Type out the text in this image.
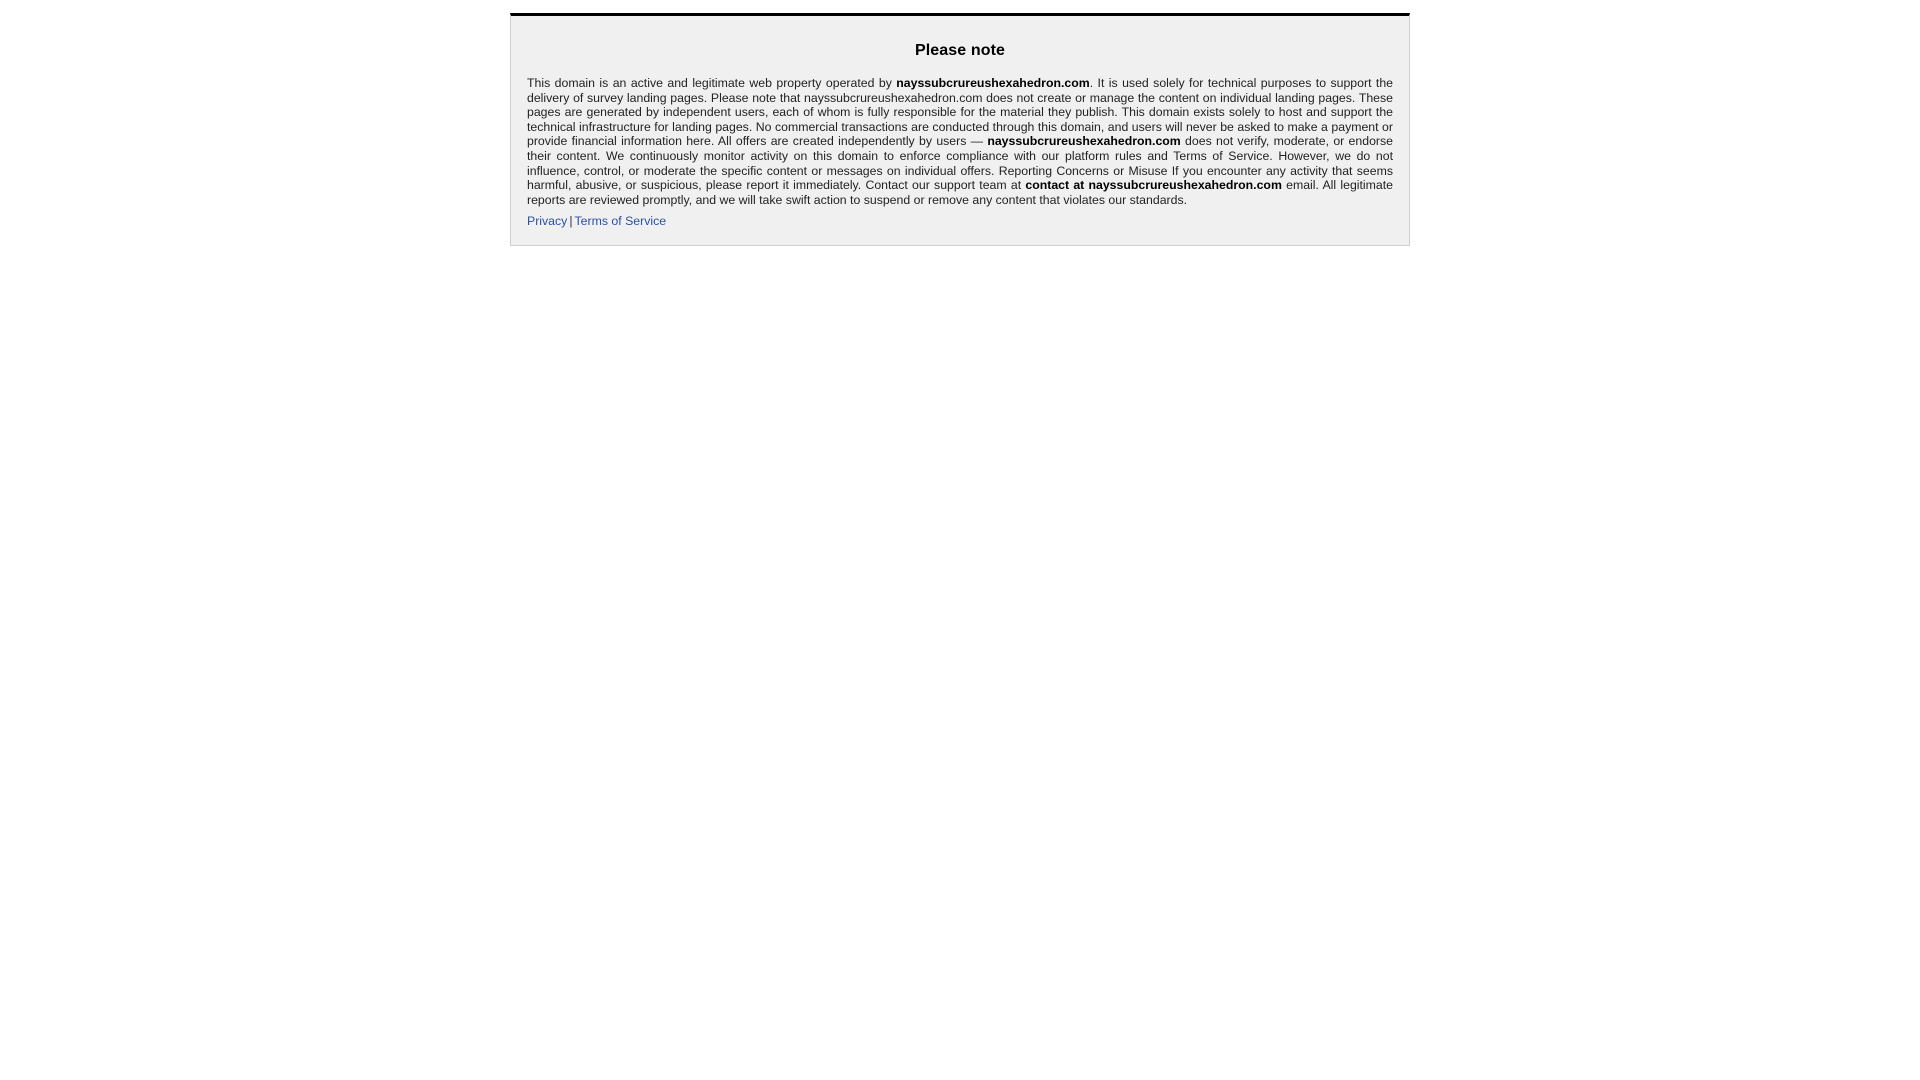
Please note

This domain is an active and legitimate web property operated by nayssubcrureushexahedron.com. It is used solely for technical purposes to support the delivery of survey landing pages. Please note that nayssubcrureushexahedron.com does not create or manage the content on individual landing pages. These pages are generated by independent users, each of whom is fully responsible for the material they publish. This domain exists solely to host and support the technical infrastructure for landing pages. No commercial transactions are conducted through this domain, and users will never be asked to make a payment or provide financial information here. All offers are created independently by users — nayssubcrureushexahedron.com does not verify, moderate, or endorse their content. We continuously monitor activity on this domain to enforce compliance with our platform rules and Terms of Service. However, we do not influence, control, or moderate the specific content or messages on individual offers. Reporting Concerns or Misuse If you encounter any activity that seems harmful, abusive, or suspicious, please report it immediately. Contact our support team at contact at nayssubcrureushexahedron.com email. All legitimate reports are reviewed promptly, and we will take swift action to suspend or remove any content that violates our standards.

Privacy | Terms of Service
